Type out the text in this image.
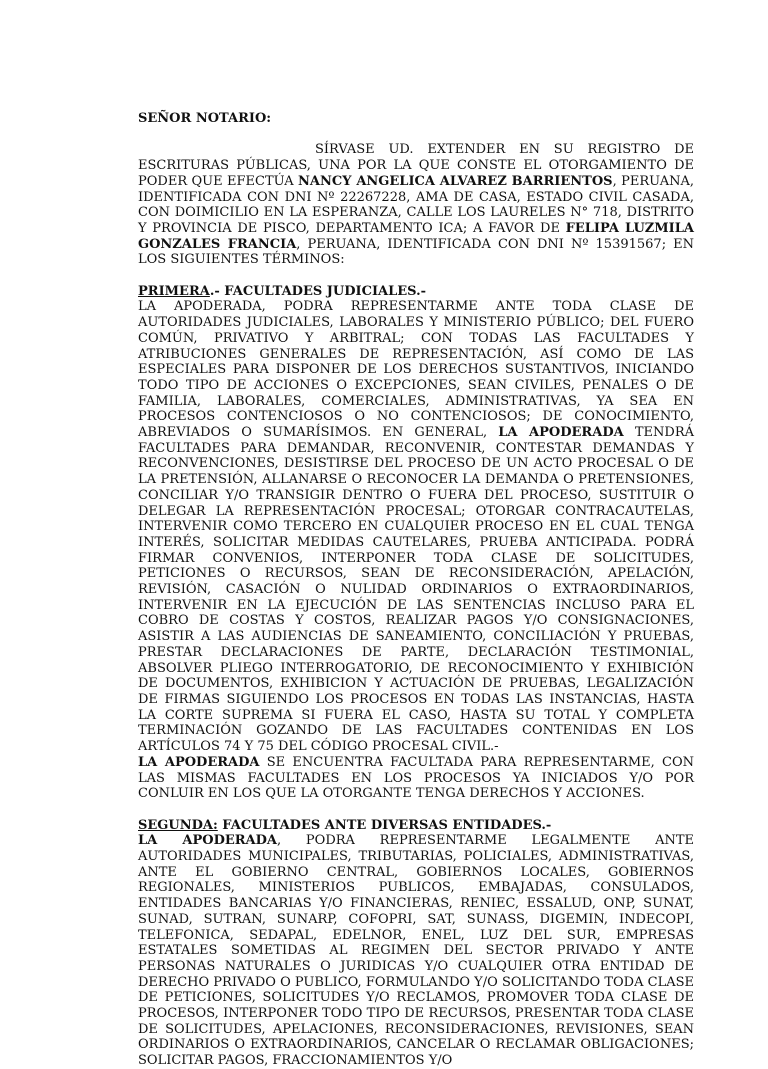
SEÑOR NOTARIO:

SÍRVASE UD. EXTENDER EN SU REGISTRO DE ESCRITURAS PÚBLICAS, UNA POR LA QUE CONSTE EL OTORGAMIENTO DE PODER QUE EFECTÚA NANCY ANGELICA ALVAREZ BARRIENTOS, PERUANA, IDENTIFICADA CON DNI Nº 22267228, AMA DE CASA, ESTADO CIVIL CASADA, CON DOIMICILIO EN LA ESPERANZA, CALLE LOS LAURELES N° 718, DISTRITO Y PROVINCIA DE PISCO, DEPARTAMENTO ICA; A FAVOR DE FELIPA LUZMILA GONZALES FRANCIA, PERUANA, IDENTIFICADA CON DNI Nº 15391567; EN LOS SIGUIENTES TÉRMINOS:

PRIMERA.- FACULTADES JUDICIALES.-

LA APODERADA, PODRA REPRESENTARME ANTE TODA CLASE DE AUTORIDADES JUDICIALES, LABORALES Y MINISTERIO PÚBLICO; DEL FUERO COMÚN, PRIVATIVO Y ARBITRAL; CON TODAS LAS FACULTADES Y ATRIBUCIONES GENERALES DE REPRESENTACIÓN, ASÍ COMO DE LAS ESPECIALES PARA DISPONER DE LOS DERECHOS SUSTANTIVOS, INICIANDO TODO TIPO DE ACCIONES O EXCEPCIONES, SEAN CIVILES, PENALES O DE FAMILIA, LABORALES, COMERCIALES, ADMINISTRATIVAS, YA SEA EN PROCESOS CONTENCIOSOS O NO CONTENCIOSOS; DE CONOCIMIENTO, ABREVIADOS O SUMARÍSIMOS. EN GENERAL, LA APODERADA TENDRÁ FACULTADES PARA DEMANDAR, RECONVENIR, CONTESTAR DEMANDAS Y RECONVENCIONES, DESISTIRSE DEL PROCESO DE UN ACTO PROCESAL O DE LA PRETENSIÓN, ALLANARSE O RECONOCER LA DEMANDA O PRETENSIONES, CONCILIAR Y/O TRANSIGIR DENTRO O FUERA DEL PROCESO, SUSTITUIR O DELEGAR LA REPRESENTACIÓN PROCESAL; OTORGAR CONTRACAUTELAS, INTERVENIR COMO TERCERO EN CUALQUIER PROCESO EN EL CUAL TENGA INTERÉS, SOLICITAR MEDIDAS CAUTELARES, PRUEBA ANTICIPADA. PODRÁ FIRMAR CONVENIOS, INTERPONER TODA CLASE DE SOLICITUDES, PETICIONES O RECURSOS, SEAN DE RECONSIDERACIÓN, APELACIÓN, REVISIÓN, CASACIÓN O NULIDAD ORDINARIOS O EXTRAORDINARIOS, INTERVENIR EN LA EJECUCIÓN DE LAS SENTENCIAS INCLUSO PARA EL COBRO DE COSTAS Y COSTOS, REALIZAR PAGOS Y/O CONSIGNACIONES, ASISTIR A LAS AUDIENCIAS DE SANEAMIENTO, CONCILIACIÓN Y PRUEBAS, PRESTAR DECLARACIONES DE PARTE, DECLARACIÓN TESTIMONIAL, ABSOLVER PLIEGO INTERROGATORIO, DE RECONOCIMIENTO Y EXHIBICIÓN DE DOCUMENTOS, EXHIBICION Y ACTUACIÓN DE PRUEBAS, LEGALIZACIÓN DE FIRMAS SIGUIENDO LOS PROCESOS EN TODAS LAS INSTANCIAS, HASTA LA CORTE SUPREMA SI FUERA EL CASO, HASTA SU TOTAL Y COMPLETA TERMINACIÓN GOZANDO DE LAS FACULTADES CONTENIDAS EN LOS ARTÍCULOS 74 Y 75 DEL CÓDIGO PROCESAL CIVIL.-

LA APODERADA SE ENCUENTRA FACULTADA PARA REPRESENTARME, CON LAS MISMAS FACULTADES EN LOS PROCESOS YA INICIADOS Y/O POR CONLUIR EN LOS QUE LA OTORGANTE TENGA DERECHOS Y ACCIONES.

SEGUNDA: FACULTADES ANTE DIVERSAS ENTIDADES.-

LA APODERADA, PODRA REPRESENTARME LEGALMENTE ANTE AUTORIDADES MUNICIPALES, TRIBUTARIAS, POLICIALES, ADMINISTRATIVAS, ANTE EL GOBIERNO CENTRAL, GOBIERNOS LOCALES, GOBIERNOS REGIONALES, MINISTERIOS PUBLICOS, EMBAJADAS, CONSULADOS, ENTIDADES BANCARIAS Y/O FINANCIERAS, RENIEC, ESSALUD, ONP, SUNAT, SUNAD, SUTRAN, SUNARP, COFOPRI, SAT, SUNASS, DIGEMIN, INDECOPI, TELEFONICA, SEDAPAL, EDELNOR, ENEL, LUZ DEL SUR, EMPRESAS ESTATALES SOMETIDAS AL REGIMEN DEL SECTOR PRIVADO Y ANTE PERSONAS NATURALES O JURIDICAS Y/O CUALQUIER OTRA ENTIDAD DE DERECHO PRIVADO O PUBLICO, FORMULANDO Y/O SOLICITANDO TODA CLASE DE PETICIONES, SOLICITUDES Y/O RECLAMOS, PROMOVER TODA CLASE DE PROCESOS, INTERPONER TODO TIPO DE RECURSOS, PRESENTAR TODA CLASE DE SOLICITUDES, APELACIONES, RECONSIDERACIONES, REVISIONES, SEAN ORDINARIOS O EXTRAORDINARIOS, CANCELAR O RECLAMAR OBLIGACIONES; SOLICITAR PAGOS, FRACCIONAMIENTOS Y/O
